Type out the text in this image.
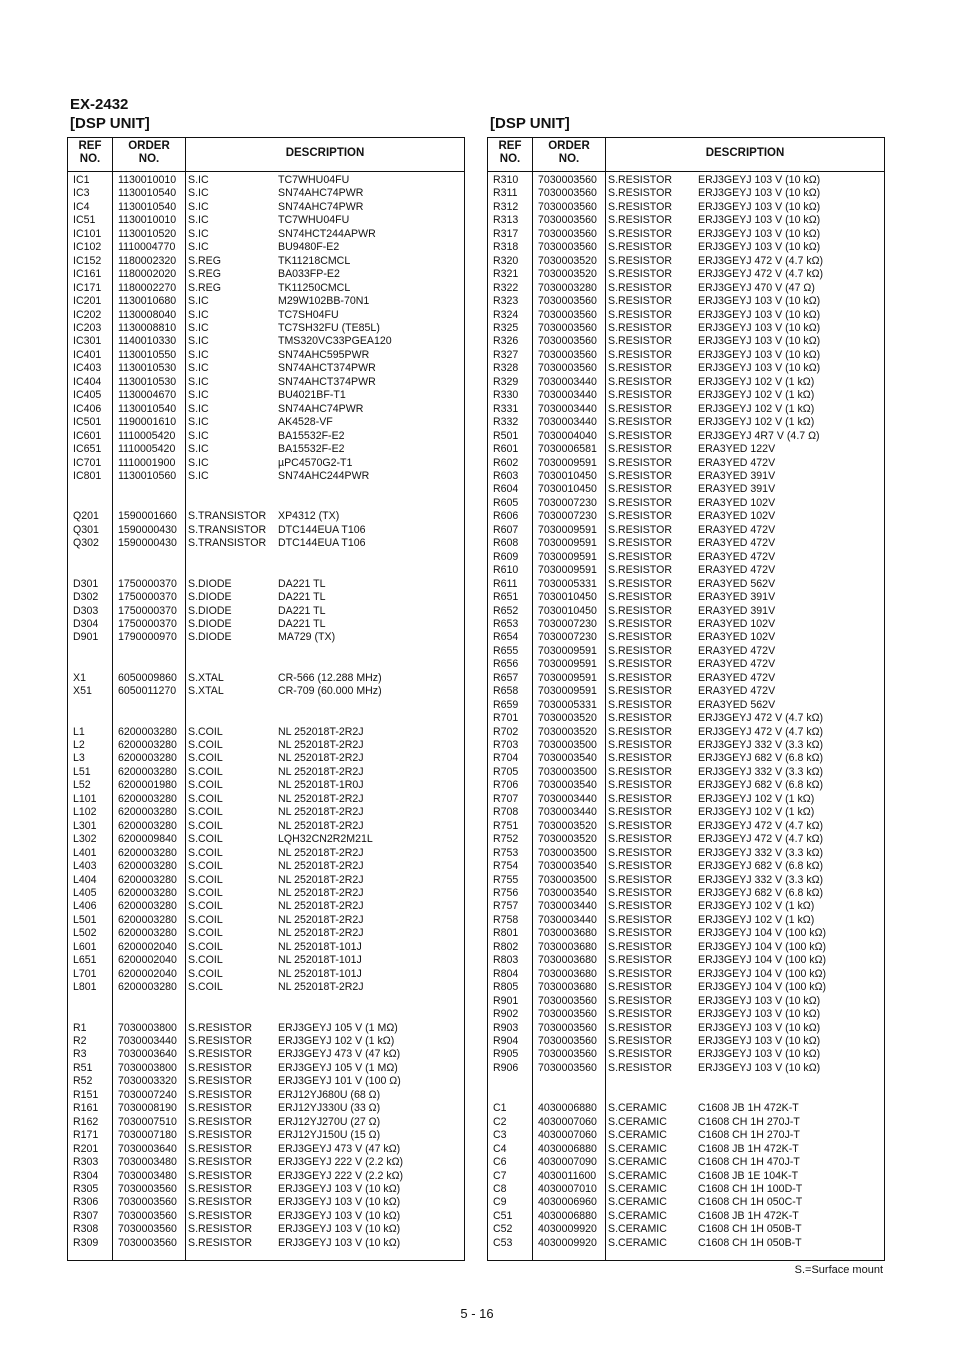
EX-2432
[DSP UNIT]	[DSP UNIT]
REF
NO.
ORDER
NO.	DESCRIPTION
IC1	1130010010 S.IC	TC7WHU04FU
IC3	1130010540 S.IC	SN74AHC74PWR
IC4	1130010540 S.IC	SN74AHC74PWR
IC51 1130010010 S.IC	TC7WHU04FU
IC101 1130010520 S.IC	SN74HCT244APWR
IC102 1110004770 S.IC	BU9480F-E2
IC152 1180002320 S.REG	TK11218CMCL
IC161 1180002020 S.REG	BA033FP-E2
IC171 1180002270 S.REG	TK11250CMCL
IC201 1130010680 S.IC	M29W102BB-70N1
IC202 1130008040 S.IC	TC7SH04FU
IC203 1130008810 S.IC	TC7SH32FU (TE85L)
IC301 1140010330 S.IC	TMS320VC33PGEA120
IC401 1130010550 S.IC	SN74AHC595PWR
IC403 1130010530 S.IC	SN74AHCT374PWR
IC404 1130010530 S.IC	SN74AHCT374PWR
IC405 1130004670 S.IC	BU4021BF-T1
IC406 1130010540 S.IC	SN74AHC74PWR
IC501 1190001610 S.IC	AK4528-VF
IC601 1110005420 S.IC	BA15532F-E2
IC651 1110005420 S.IC	BA15532F-E2
IC701 1110001900 S.IC	µPC4570G2-T1
IC801 1130010560 S.IC	SN74AHC244PWR
Q201 1590001660 S.TRANSISTOR XP4312 (TX)
Q301 1590000430 S.TRANSISTOR DTC144EUA T106
Q302 1590000430 S.TRANSISTOR DTC144EUA T106
D301 1750000370 S.DIODE	DA221 TL
D302 1750000370 S.DIODE	DA221 TL
D303 1750000370 S.DIODE	DA221 TL
D304 1750000370 S.DIODE	DA221 TL
D901 1790000970 S.DIODE	MA729 (TX)
X1	6050009860 S.XTAL	CR-566 (12.288 MHz)
X51 6050011270 S.XTAL	CR-709 (60.000 MHz)
L1	6200003280 S.COIL	NL 252018T-2R2J
L2	6200003280 S.COIL	NL 252018T-2R2J
L3	6200003280 S.COIL	NL 252018T-2R2J
L51	6200003280 S.COIL	NL 252018T-2R2J
L52	6200001980 S.COIL	NL 252018T-1R0J
L101 6200003280 S.COIL	NL 252018T-2R2J
L102 6200003280 S.COIL	NL 252018T-2R2J
L301 6200003280 S.COIL	NL 252018T-2R2J
L302 6200009840 S.COIL	LQH32CN2R2M21L
L401 6200003280 S.COIL	NL 252018T-2R2J
L403 6200003280 S.COIL	NL 252018T-2R2J
L404 6200003280 S.COIL	NL 252018T-2R2J
L405 6200003280 S.COIL	NL 252018T-2R2J
L406 6200003280 S.COIL	NL 252018T-2R2J
L501 6200003280 S.COIL	NL 252018T-2R2J
L502 6200003280 S.COIL	NL 252018T-2R2J
L601 6200002040 S.COIL	NL 252018T-101J
L651 6200002040 S.COIL	NL 252018T-101J
L701 6200002040 S.COIL	NL 252018T-101J
L801 6200003280 S.COIL	NL 252018T-2R2J
R1	7030003800 S.RESISTOR ERJ3GEYJ 105 V (1 MΩ)
R2	7030003440 S.RESISTOR ERJ3GEYJ 102 V (1 kΩ)
R3	7030003640 S.RESISTOR ERJ3GEYJ 473 V (47 kΩ)
R51 7030003800 S.RESISTOR ERJ3GEYJ 105 V (1 MΩ)
R52 7030003320 S.RESISTOR ERJ3GEYJ 101 V (100 Ω)
R151 7030007240 S.RESISTOR ERJ12YJ680U (68 Ω)
R161 7030008190 S.RESISTOR ERJ12YJ330U (33 Ω)
R162 7030007510 S.RESISTOR ERJ12YJ270U (27 Ω)
R171 7030007180 S.RESISTOR ERJ12YJ150U (15 Ω)
R201 7030003640 S.RESISTOR ERJ3GEYJ 473 V (47 kΩ)
R303 7030003480 S.RESISTOR ERJ3GEYJ 222 V (2.2 kΩ)
R304 7030003480 S.RESISTOR ERJ3GEYJ 222 V (2.2 kΩ)
R305 7030003560 S.RESISTOR ERJ3GEYJ 103 V (10 kΩ)
R306 7030003560 S.RESISTOR ERJ3GEYJ 103 V (10 kΩ)
R307 7030003560 S.RESISTOR ERJ3GEYJ 103 V (10 kΩ)
R308 7030003560 S.RESISTOR ERJ3GEYJ 103 V (10 kΩ)
R309 7030003560 S.RESISTOR ERJ3GEYJ 103 V (10 kΩ)
REF
NO.
ORDER
NO.	DESCRIPTION
R310 7030003560 S.RESISTOR ERJ3GEYJ 103 V (10 kΩ)
R311 7030003560 S.RESISTOR ERJ3GEYJ 103 V (10 kΩ)
R312 7030003560 S.RESISTOR ERJ3GEYJ 103 V (10 kΩ)
R313 7030003560 S.RESISTOR ERJ3GEYJ 103 V (10 kΩ)
R317 7030003560 S.RESISTOR ERJ3GEYJ 103 V (10 kΩ)
R318 7030003560 S.RESISTOR ERJ3GEYJ 103 V (10 kΩ)
R320 7030003520 S.RESISTOR ERJ3GEYJ 472 V (4.7 kΩ)
R321 7030003520 S.RESISTOR ERJ3GEYJ 472 V (4.7 kΩ)
R322 7030003280 S.RESISTOR ERJ3GEYJ 470 V (47 Ω)
R323 7030003560 S.RESISTOR ERJ3GEYJ 103 V (10 kΩ)
R324 7030003560 S.RESISTOR ERJ3GEYJ 103 V (10 kΩ)
R325 7030003560 S.RESISTOR ERJ3GEYJ 103 V (10 kΩ)
R326 7030003560 S.RESISTOR ERJ3GEYJ 103 V (10 kΩ)
R327 7030003560 S.RESISTOR ERJ3GEYJ 103 V (10 kΩ)
R328 7030003560 S.RESISTOR ERJ3GEYJ 103 V (10 kΩ)
R329 7030003440 S.RESISTOR ERJ3GEYJ 102 V (1 kΩ)
R330 7030003440 S.RESISTOR ERJ3GEYJ 102 V (1 kΩ)
R331 7030003440 S.RESISTOR ERJ3GEYJ 102 V (1 kΩ)
R332 7030003440 S.RESISTOR ERJ3GEYJ 102 V (1 kΩ)
R501 7030004040 S.RESISTOR ERJ3GEYJ 4R7 V (4.7 Ω)
R601 7030006581 S.RESISTOR ERA3YED 122V
R602 7030009591 S.RESISTOR ERA3YED 472V
R603 7030010450 S.RESISTOR ERA3YED 391V
R604 7030010450 S.RESISTOR ERA3YED 391V
R605 7030007230 S.RESISTOR ERA3YED 102V
R606 7030007230 S.RESISTOR ERA3YED 102V
R607 7030009591 S.RESISTOR ERA3YED 472V
R608 7030009591 S.RESISTOR ERA3YED 472V
R609 7030009591 S.RESISTOR ERA3YED 472V
R610 7030009591 S.RESISTOR ERA3YED 472V
R611 7030005331 S.RESISTOR ERA3YED 562V
R651 7030010450 S.RESISTOR ERA3YED 391V
R652 7030010450 S.RESISTOR ERA3YED 391V
R653 7030007230 S.RESISTOR ERA3YED 102V
R654 7030007230 S.RESISTOR ERA3YED 102V
R655 7030009591 S.RESISTOR ERA3YED 472V
R656 7030009591 S.RESISTOR ERA3YED 472V
R657 7030009591 S.RESISTOR ERA3YED 472V
R658 7030009591 S.RESISTOR ERA3YED 472V
R659 7030005331 S.RESISTOR ERA3YED 562V
R701 7030003520 S.RESISTOR ERJ3GEYJ 472 V (4.7 kΩ)
R702 7030003520 S.RESISTOR ERJ3GEYJ 472 V (4.7 kΩ)
R703 7030003500 S.RESISTOR ERJ3GEYJ 332 V (3.3 kΩ)
R704 7030003540 S.RESISTOR ERJ3GEYJ 682 V (6.8 kΩ)
R705 7030003500 S.RESISTOR ERJ3GEYJ 332 V (3.3 kΩ)
R706 7030003540 S.RESISTOR ERJ3GEYJ 682 V (6.8 kΩ)
R707 7030003440 S.RESISTOR ERJ3GEYJ 102 V (1 kΩ)
R708 7030003440 S.RESISTOR ERJ3GEYJ 102 V (1 kΩ)
R751 7030003520 S.RESISTOR ERJ3GEYJ 472 V (4.7 kΩ)
R752 7030003520 S.RESISTOR ERJ3GEYJ 472 V (4.7 kΩ)
R753 7030003500 S.RESISTOR ERJ3GEYJ 332 V (3.3 kΩ)
R754 7030003540 S.RESISTOR ERJ3GEYJ 682 V (6.8 kΩ)
R755 7030003500 S.RESISTOR ERJ3GEYJ 332 V (3.3 kΩ)
R756 7030003540 S.RESISTOR ERJ3GEYJ 682 V (6.8 kΩ)
R757 7030003440 S.RESISTOR ERJ3GEYJ 102 V (1 kΩ)
R758 7030003440 S.RESISTOR ERJ3GEYJ 102 V (1 kΩ)
R801 7030003680 S.RESISTOR ERJ3GEYJ 104 V (100 kΩ)
R802 7030003680 S.RESISTOR ERJ3GEYJ 104 V (100 kΩ)
R803 7030003680 S.RESISTOR ERJ3GEYJ 104 V (100 kΩ)
R804 7030003680 S.RESISTOR ERJ3GEYJ 104 V (100 kΩ)
R805 7030003680 S.RESISTOR ERJ3GEYJ 104 V (100 kΩ)
R901 7030003560 S.RESISTOR ERJ3GEYJ 103 V (10 kΩ)
R902 7030003560 S.RESISTOR ERJ3GEYJ 103 V (10 kΩ)
R903 7030003560 S.RESISTOR ERJ3GEYJ 103 V (10 kΩ)
R904 7030003560 S.RESISTOR ERJ3GEYJ 103 V (10 kΩ)
R905 7030003560 S.RESISTOR ERJ3GEYJ 103 V (10 kΩ)
R906 7030003560 S.RESISTOR ERJ3GEYJ 103 V (10 kΩ)
C1	4030006880 S.CERAMIC	C1608 JB 1H 472K-T
C2	4030007060 S.CERAMIC	C1608 CH 1H 270J-T
C3	4030007060 S.CERAMIC	C1608 CH 1H 270J-T
C4	4030006880 S.CERAMIC	C1608 JB 1H 472K-T
C6	4030007090 S.CERAMIC	C1608 CH 1H 470J-T
C7	4030011600 S.CERAMIC	C1608 JB 1E 104K-T
C8	4030007010 S.CERAMIC	C1608 CH 1H 100D-T
C9	4030006960 S.CERAMIC	C1608 CH 1H 050C-T
C51 4030006880 S.CERAMIC	C1608 JB 1H 472K-T
C52 4030009920 S.CERAMIC	C1608 CH 1H 050B-T
C53 4030009920 S.CERAMIC	C1608 CH 1H 050B-T
S.=Surface mount
5 - 16
